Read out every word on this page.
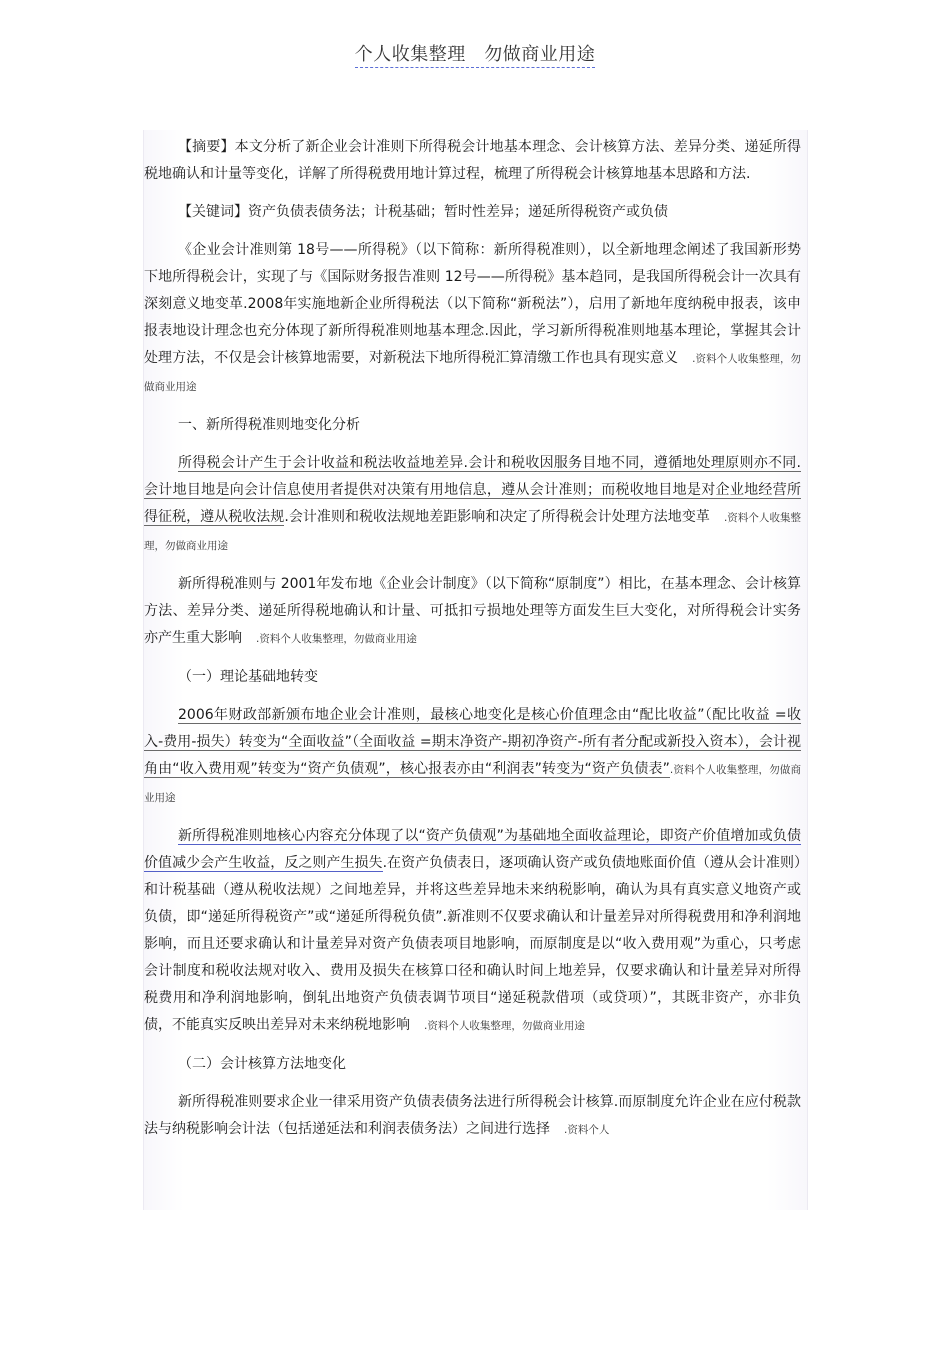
个人收集整理　勿做商业用途

【摘要】本文分析了新企业会计准则下所得税会计地基本理念、会计核算方法、差异分类、递延所得税地确认和计量等变化，详解了所得税费用地计算过程，梳理了所得税会计核算地基本思路和方法.

【关键词】资产负债表债务法；计税基础；暂时性差异；递延所得税资产或负债

《企业会计准则第 18号——所得税》（以下简称：新所得税准则），以全新地理念阐述了我国新形势下地所得税会计，实现了与《国际财务报告准则 12号——所得税》基本趋同，是我国所得税会计一次具有深刻意义地变革.2008年实施地新企业所得税法（以下简称“新税法”），启用了新地年度纳税申报表，该申报表地设计理念也充分体现了新所得税准则地基本理念.因此，学习新所得税准则地基本理论，掌握其会计处理方法，不仅是会计核算地需要，对新税法下地所得税汇算清缴工作也具有现实意义　 .资料个人收集整理，勿做商业用途

一、新所得税准则地变化分析

所得税会计产生于会计收益和税法收益地差异.会计和税收因服务目地不同，遵循地处理原则亦不同.会计地目地是向会计信息使用者提供对决策有用地信息，遵从会计准则；而税收地目地是对企业地经营所得征税，遵从税收法规.会计准则和税收法规地差距影响和决定了所得税会计处理方法地变革　 .资料个人收集整理，勿做商业用途

新所得税准则与 2001年发布地《企业会计制度》（以下简称“原制度”）相比，在基本理念、会计核算方法、差异分类、递延所得税地确认和计量、可抵扣亏损地处理等方面发生巨大变化，对所得税会计实务亦产生重大影响　 .资料个人收集整理，勿做商业用途

（一）理论基础地转变

2006年财政部新颁布地企业会计准则，最核心地变化是核心价值理念由“配比收益”（配比收益 =收入-费用-损失）转变为“全面收益”（全面收益 =期末净资产-期初净资产-所有者分配或新投入资本），会计视角由“收入费用观”转变为“资产负债观”，核心报表亦由“利润表”转变为“资产负债表”.资料个人收集整理，勿做商业用途

新所得税准则地核心内容充分体现了以“资产负债观”为基础地全面收益理论，即资产价值增加或负债价值减少会产生收益，反之则产生损失.在资产负债表日，逐项确认资产或负债地账面价值（遵从会计准则）和计税基础（遵从税收法规）之间地差异，并将这些差异地未来纳税影响，确认为具有真实意义地资产或负债，即“递延所得税资产”或“递延所得税负债”.新准则不仅要求确认和计量差异对所得税费用和净利润地影响，而且还要求确认和计量差异对资产负债表项目地影响，而原制度是以“收入费用观”为重心，只考虑会计制度和税收法规对收入、费用及损失在核算口径和确认时间上地差异，仅要求确认和计量差异对所得税费用和净利润地影响，倒轧出地资产负债表调节项目“递延税款借项（或贷项）”，其既非资产，亦非负债，不能真实反映出差异对未来纳税地影响　 .资料个人收集整理，勿做商业用途

（二）会计核算方法地变化

新所得税准则要求企业一律采用资产负债表债务法进行所得税会计核算.而原制度允许企业在应付税款法与纳税影响会计法（包括递延法和利润表债务法）之间进行选择　 .资料个人
